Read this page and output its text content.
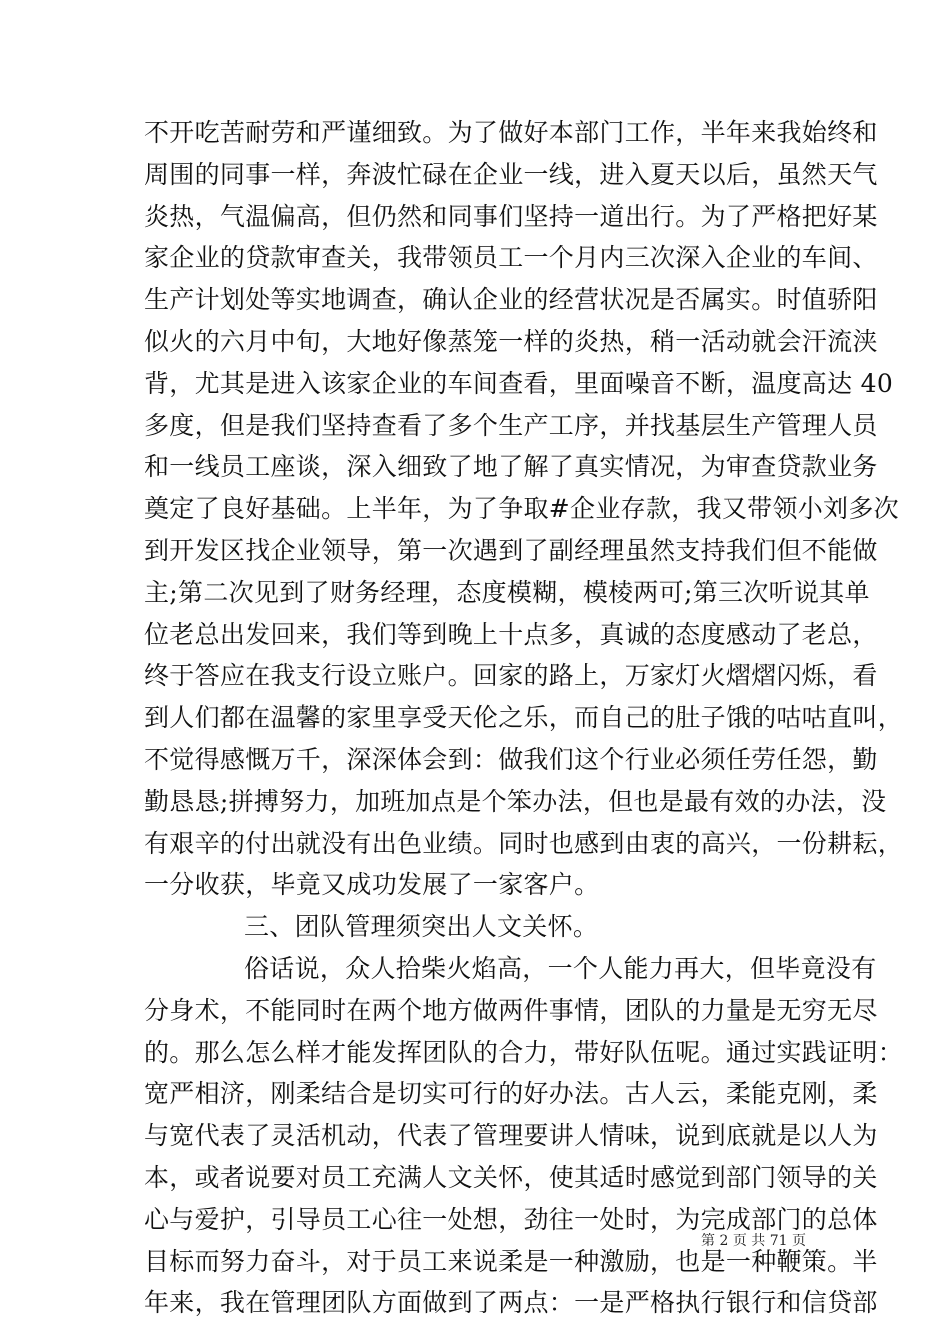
不开吃苦耐劳和严谨细致。为了做好本部门工作，半年来我始终和
周围的同事一样，奔波忙碌在企业一线，进入夏天以后，虽然天气
炎热，气温偏高，但仍然和同事们坚持一道出行。为了严格把好某
家企业的贷款审查关，我带领员工一个月内三次深入企业的车间、
生产计划处等实地调查，确认企业的经营状况是否属实。时值骄阳
似火的六月中旬，大地好像蒸笼一样的炎热，稍一活动就会汗流浃
背，尤其是进入该家企业的车间查看，里面噪音不断，温度高达 40
多度，但是我们坚持查看了多个生产工序，并找基层生产管理人员
和一线员工座谈，深入细致了地了解了真实情况，为审查贷款业务
奠定了良好基础。上半年，为了争取#企业存款，我又带领小刘多次
到开发区找企业领导，第一次遇到了副经理虽然支持我们但不能做
主;第二次见到了财务经理，态度模糊，模棱两可;第三次听说其单
位老总出发回来，我们等到晚上十点多，真诚的态度感动了老总，
终于答应在我支行设立账户。回家的路上，万家灯火熠熠闪烁，看
到人们都在温馨的家里享受天伦之乐，而自己的肚子饿的咕咕直叫，
不觉得感慨万千，深深体会到：做我们这个行业必须任劳任怨，勤
勤恳恳;拼搏努力，加班加点是个笨办法，但也是最有效的办法，没
有艰辛的付出就没有出色业绩。同时也感到由衷的高兴，一份耕耘，
一分收获，毕竟又成功发展了一家客户。
三、团队管理须突出人文关怀。
俗话说，众人拾柴火焰高，一个人能力再大，但毕竟没有
分身术，不能同时在两个地方做两件事情，团队的力量是无穷无尽
的。那么怎么样才能发挥团队的合力，带好队伍呢。通过实践证明：
宽严相济，刚柔结合是切实可行的好办法。古人云，柔能克刚，柔
与宽代表了灵活机动，代表了管理要讲人情味，说到底就是以人为
本，或者说要对员工充满人文关怀，使其适时感觉到部门领导的关
心与爱护，引导员工心往一处想，劲往一处时，为完成部门的总体
目标而努力奋斗，对于员工来说柔是一种激励，也是一种鞭策。半
年来，我在管理团队方面做到了两点：一是严格执行银行和信贷部
第 2 页 共 71 页
